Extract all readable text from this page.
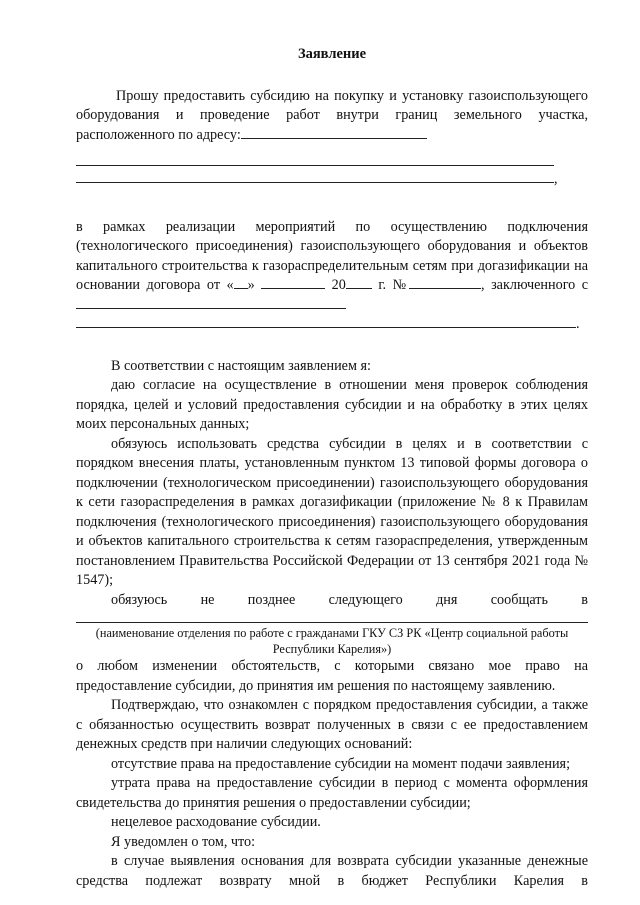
Заявление

Прошу предоставить субсидию на покупку и установку газоиспользующего оборудования и проведение работ внутри границ земельного участка, расположенного по адресу:

,

в рамках реализации мероприятий по осуществлению подключения (технологического присоединения) газоиспользующего оборудования и объектов капитального строительства к газораспределительным сетям при догазификации на основании договора от « »	20 г. №	, заключенного с

.

В соответствии с настоящим заявлением я:

даю согласие на осуществление в отношении меня проверок соблюдения порядка, целей и условий предоставления субсидии и на обработку в этих целях моих персональных данных;

обязуюсь использовать средства субсидии в целях и в соответствии с порядком внесения платы, установленным пунктом 13 типовой формы договора о подключении (технологическом присоединении) газоиспользующего оборудования к сети газораспределения в рамках догазификации (приложение № 8 к Правилам подключения (технологического присоединения) газоиспользующего оборудования и объектов капитального строительства к сетям газораспределения, утвержденным постановлением Правительства Российской Федерации от 13 сентября 2021 года № 1547);

обязуюсь не позднее следующего дня сообщать в

(наименование отделения по работе с гражданами ГКУ СЗ РК «Центр социальной работы Республики Карелия»)

о любом изменении обстоятельств, с которыми связано мое право на предоставление субсидии, до принятия им решения по настоящему заявлению.

Подтверждаю, что ознакомлен с порядком предоставления субсидии, а также с обязанностью осуществить возврат полученных в связи с ее предоставлением денежных средств при наличии следующих оснований:

отсутствие права на предоставление субсидии на момент подачи заявления;

утрата права на предоставление субсидии в период с момента оформления свидетельства до принятия решения о предоставлении субсидии;

нецелевое расходование субсидии.

Я уведомлен о том, что:

в случае выявления основания для возврата субсидии указанные денежные средства подлежат возврату мной в бюджет Республики Карелия в
